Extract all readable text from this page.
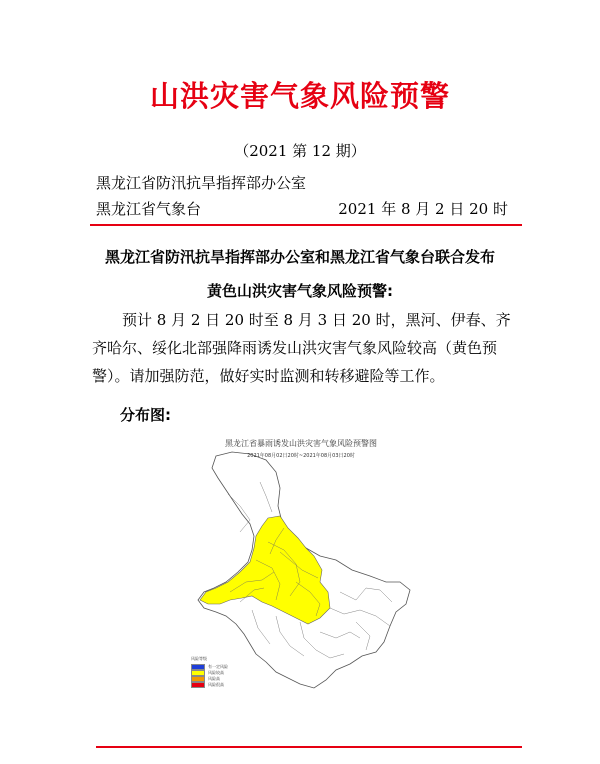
山洪灾害气象风险预警
（2021 第 12 期）
黑龙江省防汛抗旱指挥部办公室
黑龙江省气象台	2021 年 8 月 2 日 20 时
黑龙江省防汛抗旱指挥部办公室和黑龙江省气象台联合发布
黄色山洪灾害气象风险预警:
预计 8 月 2 日 20 时至 8 月 3 日 20 时，黑河、伊春、齐齐哈尔、绥化北部强降雨诱发山洪灾害气象风险较高（黄色预警）。请加强防范，做好实时监测和转移避险等工作。
分布图:
黑龙江省暴雨诱发山洪灾害气象风险预警图
2021年08月02日20时~2021年08月03日20时
风险等级
有一定风险
风险较高
风险高
风险很高
